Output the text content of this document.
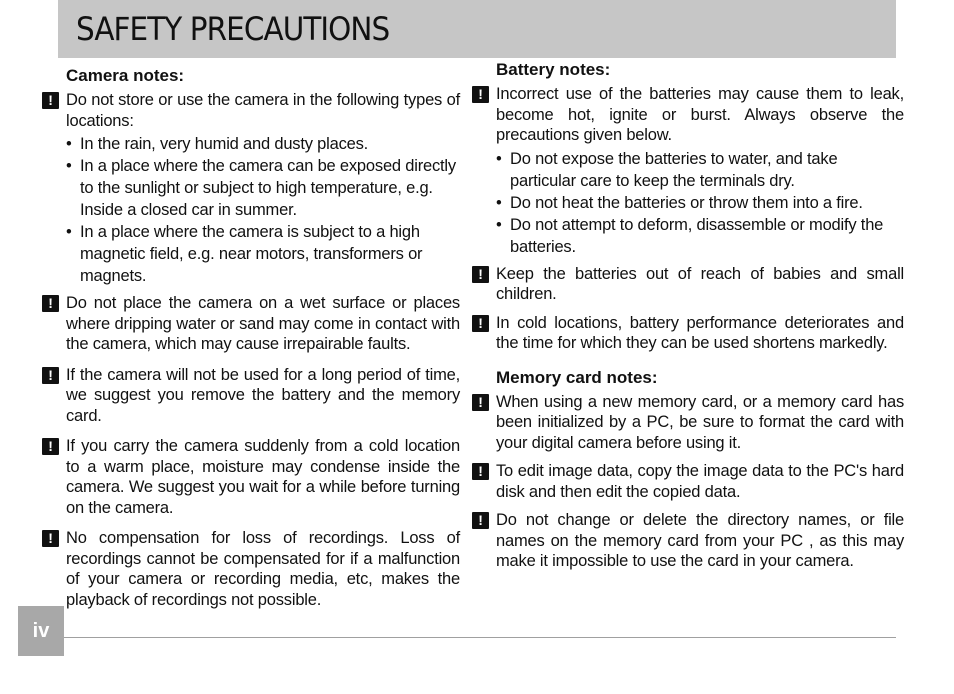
SAFETY PRECAUTIONS
Camera notes:
! Do not store or use the camera in the following types of locations:
• In the rain, very humid and dusty places.
• In a place where the camera can be exposed directly to the sunlight or subject to high temperature, e.g. Inside a closed car in summer.
• In a place where the camera is subject to a high magnetic field, e.g. near motors, transformers or magnets.
! Do not place the camera on a wet surface or places where dripping water or sand may come in contact with the camera, which may cause irrepairable faults.
! If the camera will not be used for a long period of time, we suggest you remove the battery and the memory card.
! If you carry the camera suddenly from a cold location to a warm place, moisture may condense inside the camera. We suggest you wait for a while before turning on the camera.
! No compensation for loss of recordings. Loss of recordings cannot be compensated for if a malfunction of your camera or recording media, etc, makes the playback of recordings not possible.
Battery notes:
! Incorrect use of the batteries may cause them to leak, become hot, ignite or burst. Always observe the precautions given below.
• Do not expose the batteries to water, and take particular care to keep the terminals dry.
• Do not heat the batteries or throw them into a fire.
• Do not attempt to deform, disassemble or modify the batteries.
! Keep the batteries out of reach of babies and small children.
! In cold locations, battery performance deteriorates and the time for which they can be used shortens markedly.
Memory card notes:
! When using a new memory card, or a memory card has been initialized by a PC, be sure to format the card with your digital camera before using it.
! To edit image data, copy the image data to the PC's hard disk and then edit the copied data.
! Do not change or delete the directory names, or file names on the memory card from your PC , as this may make it impossible to use the card in your camera.
iv
